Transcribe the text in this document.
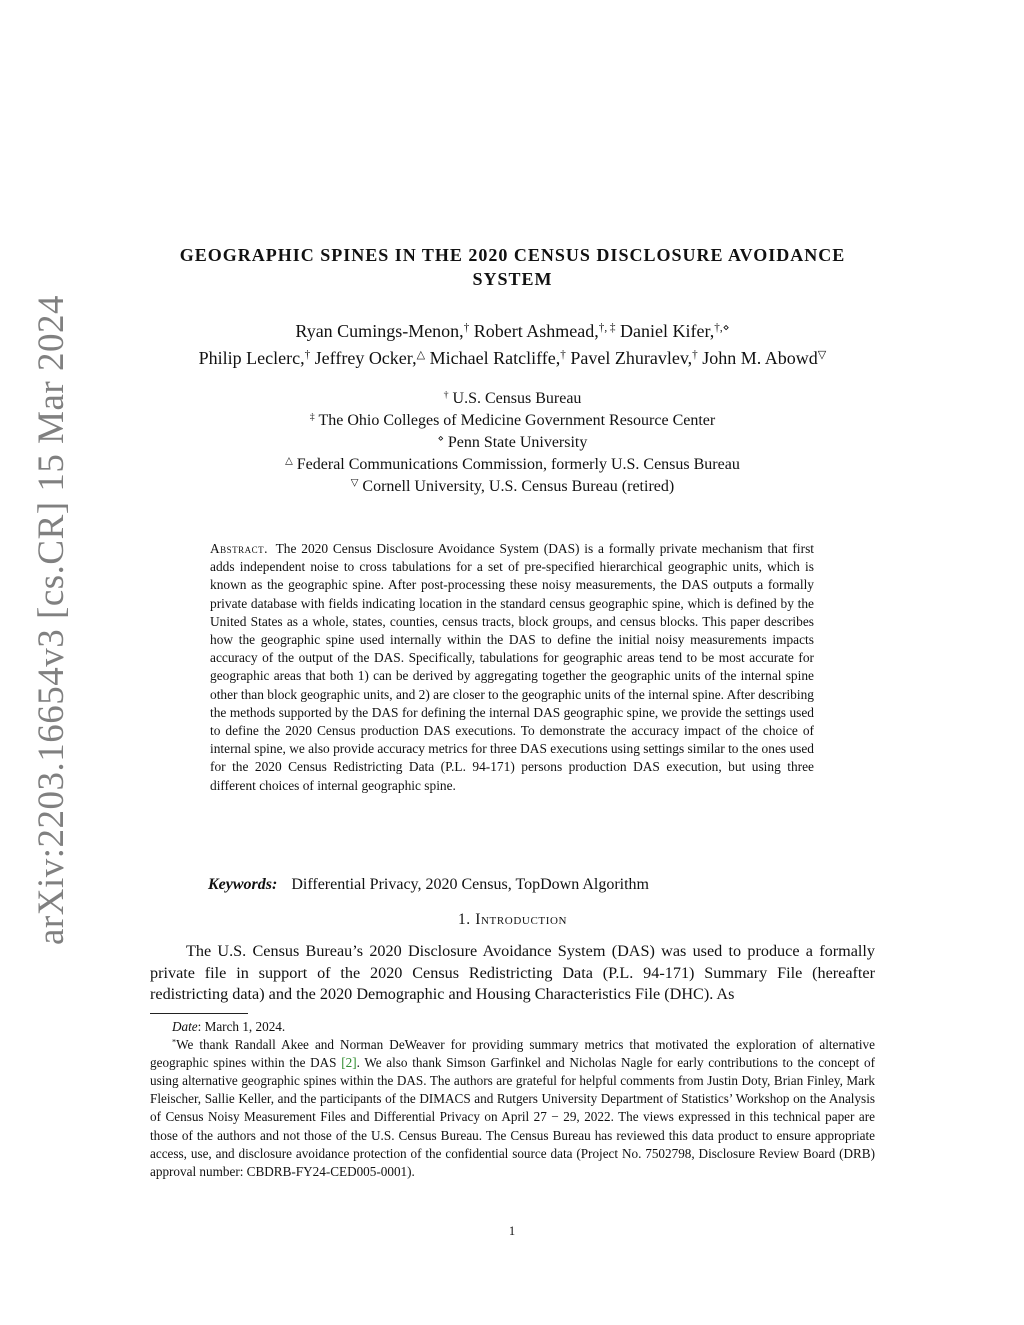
arXiv:2203.16654v3 [cs.CR] 15 Mar 2024
GEOGRAPHIC SPINES IN THE 2020 CENSUS DISCLOSURE AVOIDANCE SYSTEM
Ryan Cumings-Menon,† Robert Ashmead,†, ‡ Daniel Kifer,†,⋄
Philip Leclerc,† Jeffrey Ocker,△ Michael Ratcliffe,† Pavel Zhuravlev,† John M. Abowd▽
† U.S. Census Bureau
‡ The Ohio Colleges of Medicine Government Resource Center
⋄ Penn State University
△ Federal Communications Commission, formerly U.S. Census Bureau
▽ Cornell University, U.S. Census Bureau (retired)
Abstract. The 2020 Census Disclosure Avoidance System (DAS) is a formally private mechanism that first adds independent noise to cross tabulations for a set of pre-specified hierarchical geographic units, which is known as the geographic spine. After post-processing these noisy measurements, the DAS outputs a formally private database with fields indicating location in the standard census geographic spine, which is defined by the United States as a whole, states, counties, census tracts, block groups, and census blocks. This paper describes how the geographic spine used internally within the DAS to define the initial noisy measurements impacts accuracy of the output of the DAS. Specifically, tabulations for geographic areas tend to be most accurate for geographic areas that both 1) can be derived by aggregating together the geographic units of the internal spine other than block geographic units, and 2) are closer to the geographic units of the internal spine. After describing the methods supported by the DAS for defining the internal DAS geographic spine, we provide the settings used to define the 2020 Census production DAS executions. To demonstrate the accuracy impact of the choice of internal spine, we also provide accuracy metrics for three DAS executions using settings similar to the ones used for the 2020 Census Redistricting Data (P.L. 94-171) persons production DAS execution, but using three different choices of internal geographic spine.
Keywords: Differential Privacy, 2020 Census, TopDown Algorithm
1. Introduction
The U.S. Census Bureau’s 2020 Disclosure Avoidance System (DAS) was used to produce a formally private file in support of the 2020 Census Redistricting Data (P.L. 94-171) Summary File (hereafter redistricting data) and the 2020 Demographic and Housing Characteristics File (DHC). As

Date: March 1, 2024.

*We thank Randall Akee and Norman DeWeaver for providing summary metrics that motivated the exploration of alternative geographic spines within the DAS [2]. We also thank Simson Garfinkel and Nicholas Nagle for early contributions to the concept of using alternative geographic spines within the DAS. The authors are grateful for helpful comments from Justin Doty, Brian Finley, Mark Fleischer, Sallie Keller, and the participants of the DIMACS and Rutgers University Department of Statistics’ Workshop on the Analysis of Census Noisy Measurement Files and Differential Privacy on April 27 − 29, 2022. The views expressed in this technical paper are those of the authors and not those of the U.S. Census Bureau. The Census Bureau has reviewed this data product to ensure appropriate access, use, and disclosure avoidance protection of the confidential source data (Project No. 7502798, Disclosure Review Board (DRB) approval number: CBDRB-FY24-CED005-0001).

1
